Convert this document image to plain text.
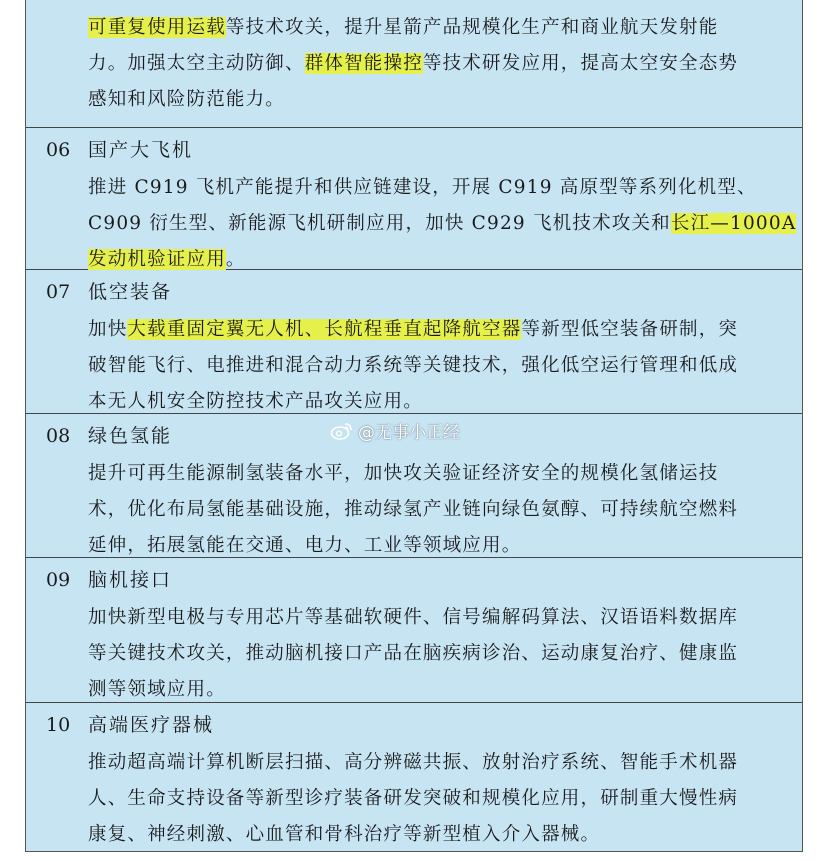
可重复使用运载等技术攻关，提升星箭产品规模化生产和商业航天发射能
力。加强太空主动防御、群体智能操控等技术研发应用，提高太空安全态势
感知和风险防范能力。
06 国产大飞机
推进 C919 飞机产能提升和供应链建设，开展 C919 高原型等系列化机型、
C909 衍生型、新能源飞机研制应用，加快 C929 飞机技术攻关和长江—1000A
发动机验证应用。
07 低空装备
加快大载重固定翼无人机、长航程垂直起降航空器等新型低空装备研制，突
破智能飞行、电推进和混合动力系统等关键技术，强化低空运行管理和低成
本无人机安全防控技术产品攻关应用。
08 绿色氢能
提升可再生能源制氢装备水平，加快攻关验证经济安全的规模化氢储运技
术，优化布局氢能基础设施，推动绿氢产业链向绿色氨醇、可持续航空燃料
延伸，拓展氢能在交通、电力、工业等领域应用。
09 脑机接口
加快新型电极与专用芯片等基础软硬件、信号编解码算法、汉语语料数据库
等关键技术攻关，推动脑机接口产品在脑疾病诊治、运动康复治疗、健康监
测等领域应用。
10 高端医疗器械
推动超高端计算机断层扫描、高分辨磁共振、放射治疗系统、智能手术机器
人、生命支持设备等新型诊疗装备研发突破和规模化应用，研制重大慢性病
康复、神经刺激、心血管和骨科治疗等新型植入介入器械。
@无事小正经
